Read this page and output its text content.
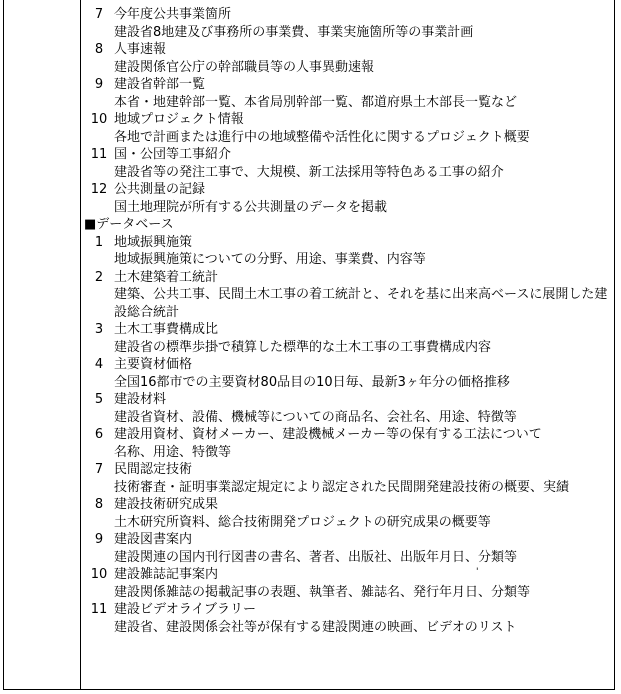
7 今年度公共事業箇所
建設省8地建及び事務所の事業費、事業実施箇所等の事業計画
8 人事速報
建設関係官公庁の幹部職員等の人事異動速報
9 建設省幹部一覧
本省・地建幹部一覧、本省局別幹部一覧、都道府県土木部長一覧など
10 地域プロジェクト情報
各地で計画または進行中の地域整備や活性化に関するプロジェクト概要
11 国・公団等工事紹介
建設省等の発注工事で、大規模、新工法採用等特色ある工事の紹介
12 公共測量の記録
国土地理院が所有する公共測量のデータを掲載
■データベース
1 地域振興施策
地域振興施策についての分野、用途、事業費、内容等
2 土木建築着工統計
建築、公共工事、民間土木工事の着工統計と、それを基に出来高ベースに展開した建設総合統計
3 土木工事費構成比
建設省の標準歩掛で積算した標準的な土木工事の工事費構成内容
4 主要資材価格
全国16都市での主要資材80品目の10日毎、最新3ヶ年分の価格推移
5 建設材料
建設省資材、設備、機械等についての商品名、会社名、用途、特徴等
6 建設用資材、資材メーカー、建設機械メーカー等の保有する工法について
名称、用途、特徴等
7 民間認定技術
技術審査・証明事業認定規定により認定された民間開発建設技術の概要、実績
8 建設技術研究成果
土木研究所資料、総合技術開発プロジェクトの研究成果の概要等
9 建設図書案内
建設関連の国内刊行図書の書名、著者、出版社、出版年月日、分類等
10 建設雑誌記事案内
建設関係雑誌の掲載記事の表題、執筆者、雑誌名、発行年月日、分類等
11 建設ビデオライブラリー
建設省、建設関係会社等が保有する建設関連の映画、ビデオのリスト
'
